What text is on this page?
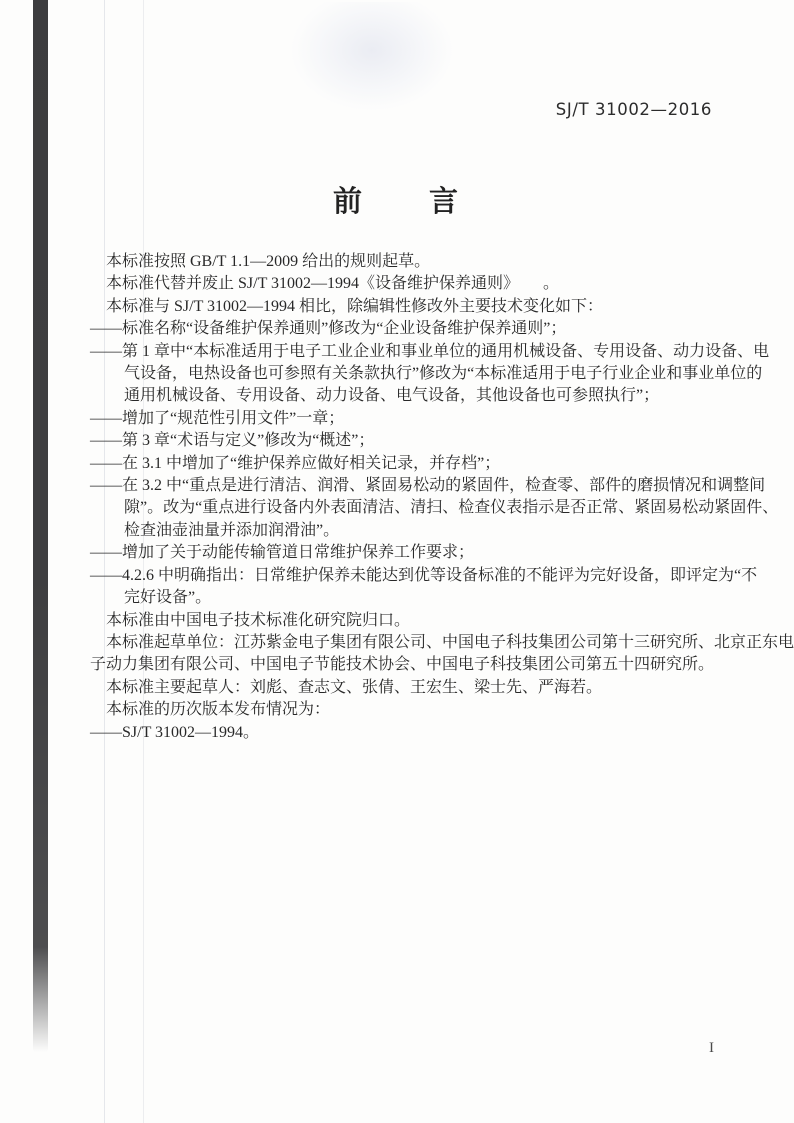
SJ/T 31002—2016
前　　言
本标准按照 GB/T 1.1—2009 给出的规则起草。
本标准代替并废止 SJ/T 31002—1994《设备维护保养通则》　　。
本标准与 SJ/T 31002—1994 相比，除编辑性修改外主要技术变化如下：
——标准名称“设备维护保养通则”修改为“企业设备维护保养通则”；
——第 1 章中“本标准适用于电子工业企业和事业单位的通用机械设备、专用设备、动力设备、电
气设备，电热设备也可参照有关条款执行”修改为“本标准适用于电子行业企业和事业单位的
通用机械设备、专用设备、动力设备、电气设备，其他设备也可参照执行”；
——增加了“规范性引用文件”一章；
——第 3 章“术语与定义”修改为“概述”；
——在 3.1 中增加了“维护保养应做好相关记录，并存档”；
——在 3.2 中“重点是进行清洁、润滑、紧固易松动的紧固件，检查零、部件的磨损情况和调整间
隙”。改为“重点进行设备内外表面清洁、清扫、检查仪表指示是否正常、紧固易松动紧固件、
检查油壶油量并添加润滑油”。
——增加了关于动能传输管道日常维护保养工作要求；
——4.2.6 中明确指出：日常维护保养未能达到优等设备标准的不能评为完好设备，即评定为“不
完好设备”。
本标准由中国电子技术标准化研究院归口。
本标准起草单位：江苏紫金电子集团有限公司、中国电子科技集团公司第十三研究所、北京正东电
子动力集团有限公司、中国电子节能技术协会、中国电子科技集团公司第五十四研究所。
本标准主要起草人：刘彪、查志文、张倩、王宏生、梁士先、严海若。
本标准的历次版本发布情况为：
——SJ/T 31002—1994。
I
